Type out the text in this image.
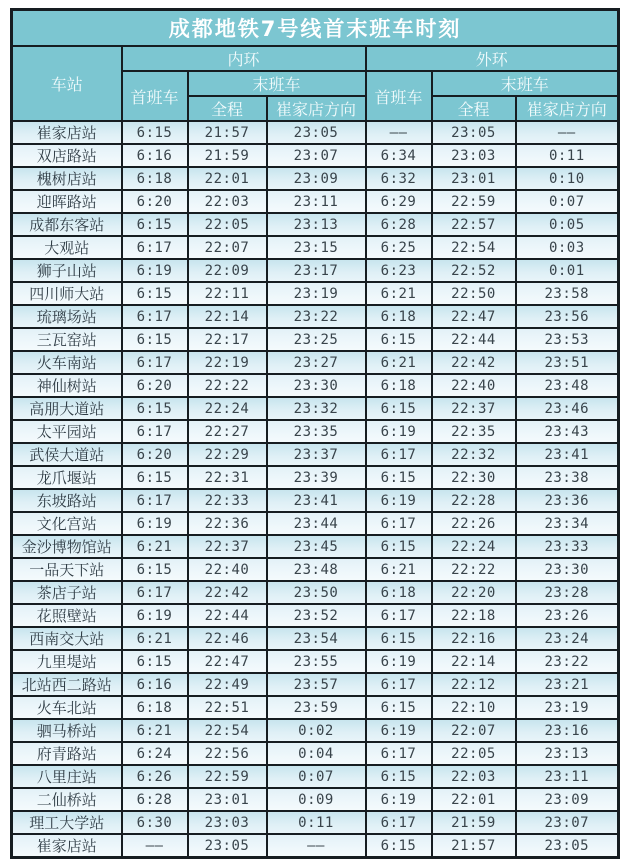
成都地铁7号线首末班车时刻						
车站	内环			外环		
	首班车	末班车		首班车	末班车	
		全程	崔家店方向		全程	崔家店方向
崔家店站	6:15	21:57	23:05	——	23:05	——
双店路站	6:16	21:59	23:07	6:34	23:03	0:11
槐树店站	6:18	22:01	23:09	6:32	23:01	0:10
迎晖路站	6:20	22:03	23:11	6:29	22:59	0:07
成都东客站	6:15	22:05	23:13	6:28	22:57	0:05
大观站	6:17	22:07	23:15	6:25	22:54	0:03
狮子山站	6:19	22:09	23:17	6:23	22:52	0:01
四川师大站	6:15	22:11	23:19	6:21	22:50	23:58
琉璃场站	6:17	22:14	23:22	6:18	22:47	23:56
三瓦窑站	6:15	22:17	23:25	6:15	22:44	23:53
火车南站	6:17	22:19	23:27	6:21	22:42	23:51
神仙树站	6:20	22:22	23:30	6:18	22:40	23:48
高朋大道站	6:15	22:24	23:32	6:15	22:37	23:46
太平园站	6:17	22:27	23:35	6:19	22:35	23:43
武侯大道站	6:20	22:29	23:37	6:17	22:32	23:41
龙爪堰站	6:15	22:31	23:39	6:15	22:30	23:38
东坡路站	6:17	22:33	23:41	6:19	22:28	23:36
文化宫站	6:19	22:36	23:44	6:17	22:26	23:34
金沙博物馆站	6:21	22:37	23:45	6:15	22:24	23:33
一品天下站	6:15	22:40	23:48	6:21	22:22	23:30
茶店子站	6:17	22:42	23:50	6:18	22:20	23:28
花照壁站	6:19	22:44	23:52	6:17	22:18	23:26
西南交大站	6:21	22:46	23:54	6:15	22:16	23:24
九里堤站	6:15	22:47	23:55	6:19	22:14	23:22
北站西二路站	6:16	22:49	23:57	6:17	22:12	23:21
火车北站	6:18	22:51	23:59	6:15	22:10	23:19
驷马桥站	6:21	22:54	0:02	6:19	22:07	23:16
府青路站	6:24	22:56	0:04	6:17	22:05	23:13
八里庄站	6:26	22:59	0:07	6:15	22:03	23:11
二仙桥站	6:28	23:01	0:09	6:19	22:01	23:09
理工大学站	6:30	23:03	0:11	6:17	21:59	23:07
崔家店站	——	23:05	——	6:15	21:57	23:05
